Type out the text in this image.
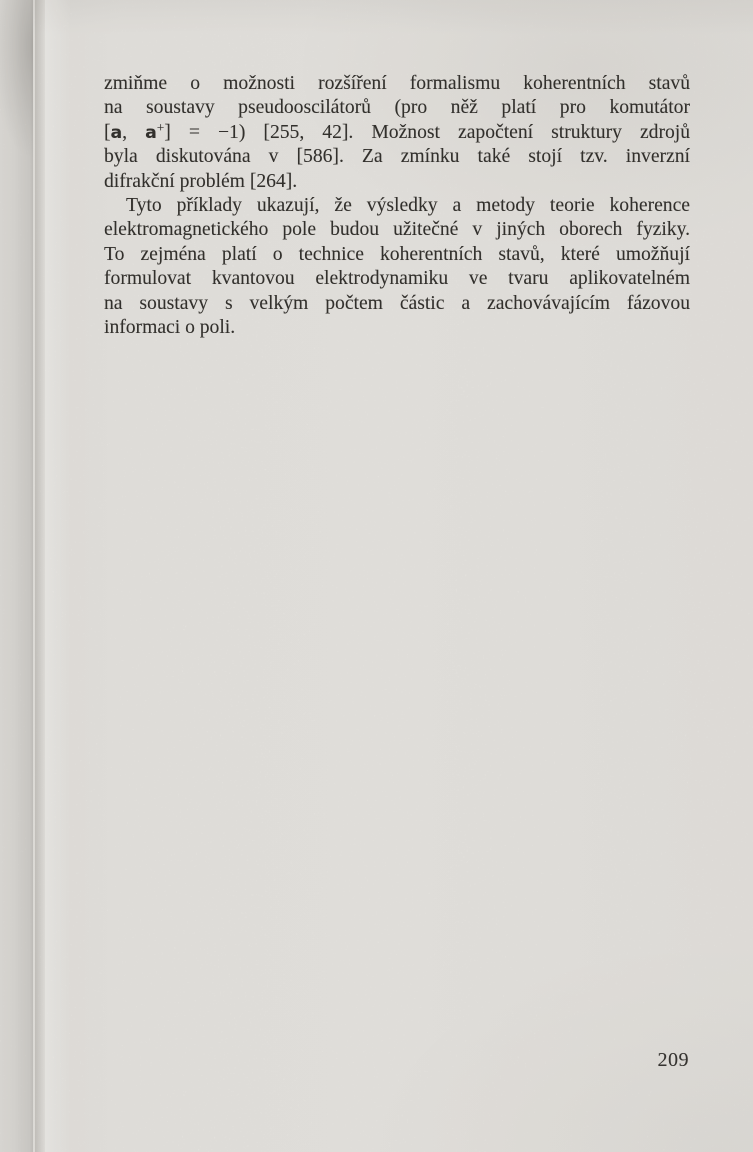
zmiňme o možnosti rozšíření formalismu koherentních stavů
na soustavy pseudooscilátorů (pro něž platí pro komutátor
[a, a+] = −1) [255, 42]. Možnost započtení struktury zdrojů
byla diskutována v [586]. Za zmínku také stojí tzv. inverzní
difrakční problém [264].
Tyto příklady ukazují, že výsledky a metody teorie koherence
elektromagnetického pole budou užitečné v jiných oborech fyziky.
To zejména platí o technice koherentních stavů, které umožňují
formulovat kvantovou elektrodynamiku ve tvaru aplikovatelném
na soustavy s velkým počtem částic a zachovávajícím fázovou
informaci o poli.
209
